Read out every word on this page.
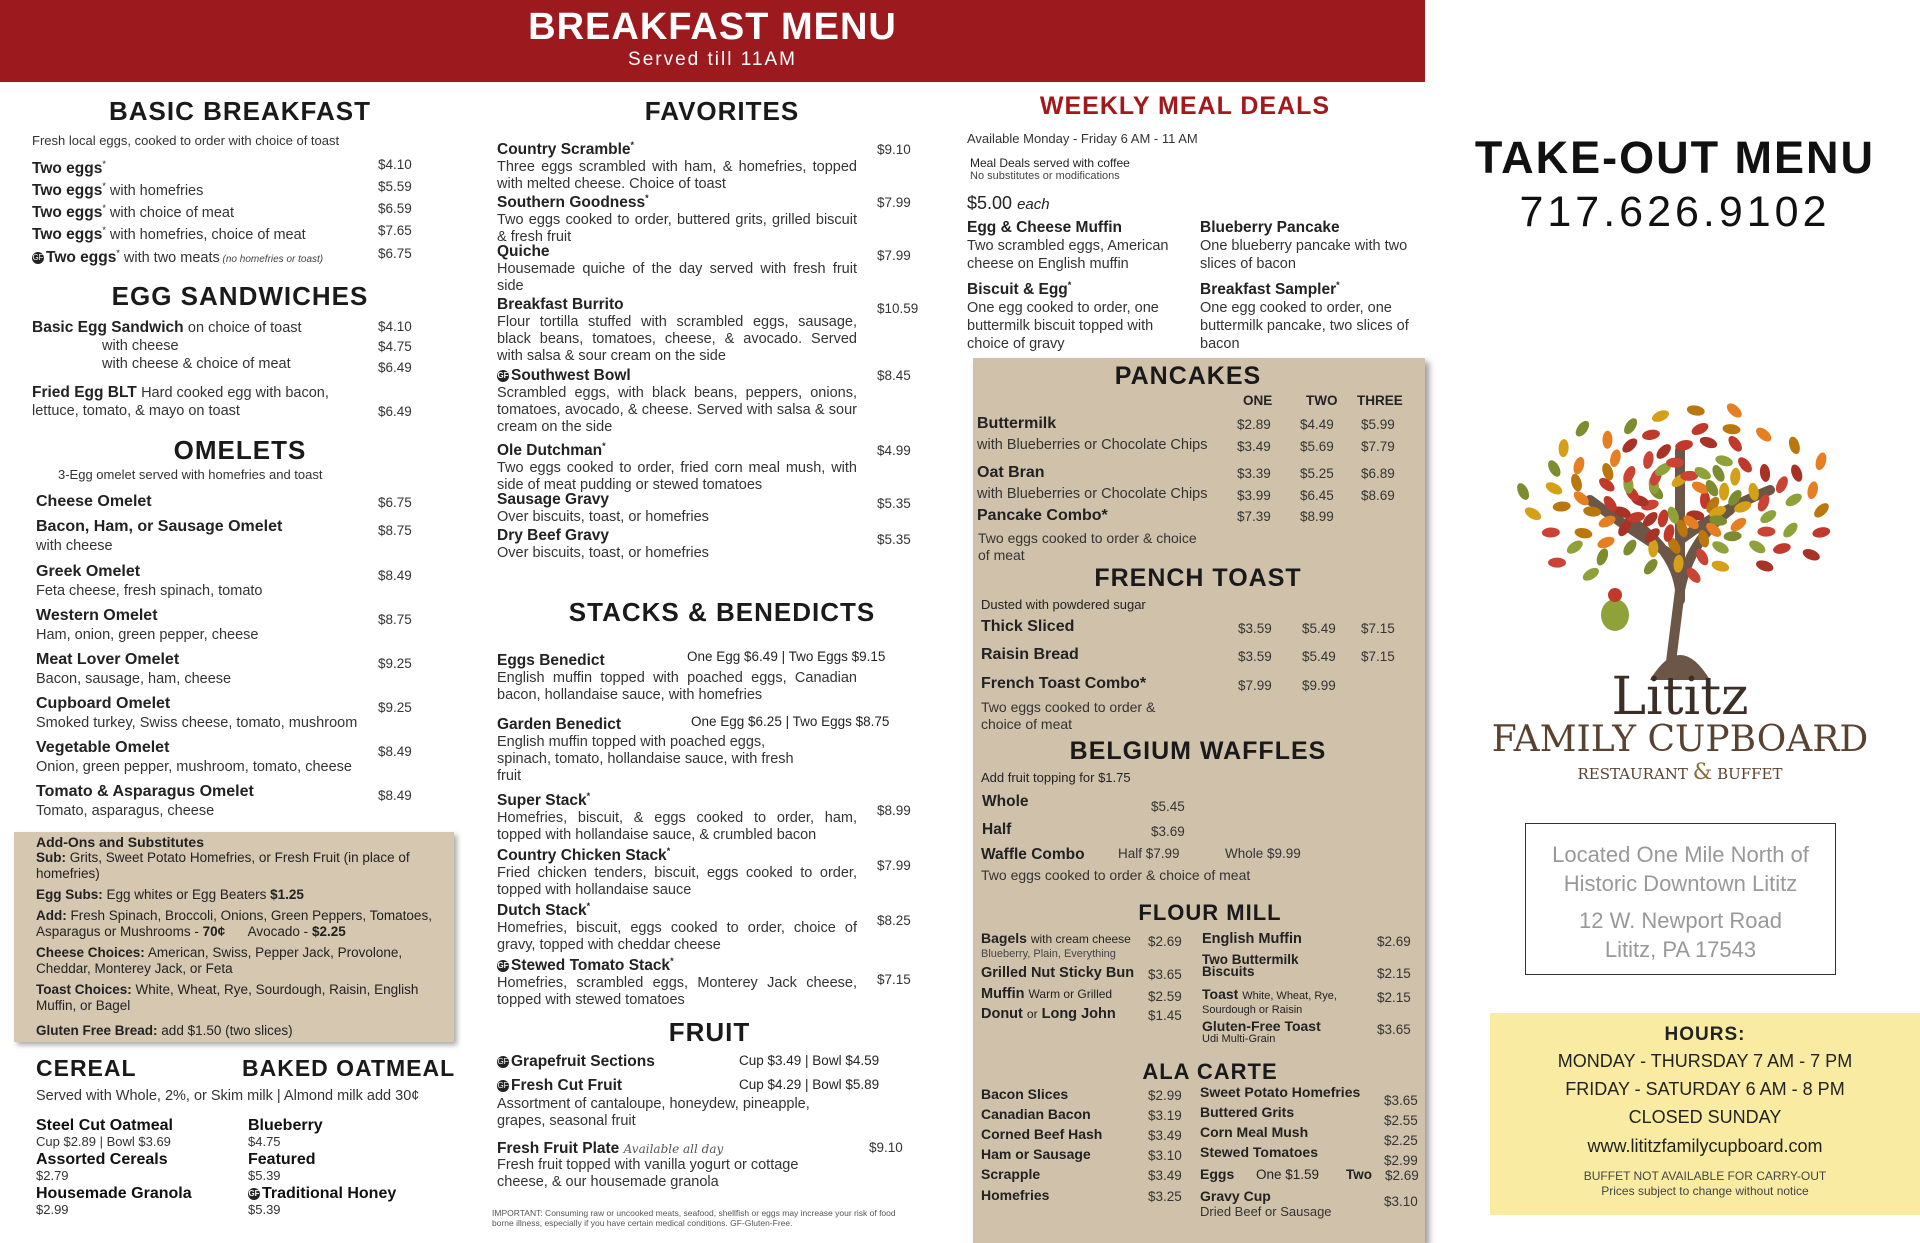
BREAKFAST MENU
Served till 11AM
BASIC BREAKFAST
Fresh local eggs, cooked to order with choice of toast
EGG SANDWICHES
Basic Egg Sandwich on choice of toast	$4.10
with cheese	$4.75
with cheese & choice of meat	$6.49
Fried Egg BLT Hard cooked egg with bacon,
lettuce, tomato, & mayo on toast	$6.49
OMELETS
3-Egg omelet served with homefries and toast
Add-Ons and Substitutes
Sub: Grits, Sweet Potato Homefries, or Fresh Fruit (in place of homefries)
Egg Subs: Egg whites or Egg Beaters $1.25
Add: Fresh Spinach, Broccoli, Onions, Green Peppers, Tomatoes, Asparagus or Mushrooms - 70¢ Avocado - $2.25
Cheese Choices: American, Swiss, Pepper Jack, Provolone, Cheddar, Monterey Jack, or Feta
Toast Choices: White, Wheat, Rye, Sourdough, Raisin, English Muffin, or Bagel
Gluten Free Bread: add $1.50 (two slices)
CEREAL	BAKED OATMEAL
Served with Whole, 2%, or Skim milk | Almond milk add 30¢
Steel Cut Oatmeal
Cup $2.89 | Bowl $3.69
Assorted Cereals
$2.79
Housemade Granola
$2.99
Blueberry
$4.75
Featured
$5.39
GF Traditional Honey
$5.39
FAVORITES
STACKS & BENEDICTS
Eggs Benedict
English muffin topped with poached eggs, Canadian bacon, hollandaise sauce, with homefries
One Egg $6.49 | Two Eggs $9.15
Garden Benedict
English muffin topped with poached eggs, spinach, tomato, hollandaise sauce, with fresh fruit
One Egg $6.25 | Two Eggs $8.75
FRUIT
GF Grapefruit Sections	Cup $3.49 | Bowl $4.59
GF Fresh Cut Fruit	Cup $4.29 | Bowl $5.89
Assortment of cantaloupe, honeydew, pineapple, grapes, seasonal fruit
Fresh Fruit Plate Available all day	$9.10
Fresh fruit topped with vanilla yogurt or cottage cheese, & our housemade granola
IMPORTANT: Consuming raw or uncooked meats, seafood, shellfish or eggs may increase your risk of food borne illness, especially if you have certain medical conditions. GF-Gluten-Free.
WEEKLY MEAL DEALS
Available Monday - Friday 6 AM - 11 AM
Meal Deals served with coffee
No substitutes or modifications
$5.00 each
PANCAKES
ONE	TWO THREE
Two eggs cooked to order & choice of meat
FRENCH TOAST
Dusted with powdered sugar
Two eggs cooked to order & choice of meat
BELGIUM WAFFLES
Add fruit topping for $1.75
Whole	$5.45
Half	$3.69
Waffle Combo Half $7.99	Whole $9.99
Two eggs cooked to order & choice of meat
FLOUR MILL
Bagels with cream cheese
Blueberry, Plain, Everything
$2.69
Grilled Nut Sticky Bun $3.65
Muffin Warm or Grilled	$2.59
Donut or Long John $1.45
English Muffin	$2.69
Two Buttermilk Biscuits	$2.15
Toast White, Wheat, Rye, Sourdough or Raisin
$2.15
Gluten-Free Toast
Udi Multi-Grain
$3.65
ALA CARTE
Eggs One $1.59 Two $2.69
Gravy Cup
Dried Beef or Sausage
$3.10
TAKE-OUT MENU
717.626.9102
Lititz
FAMILY CUPBOARD
RESTAURANT & BUFFET
Located One Mile North of
Historic Downtown Lititz
12 W. Newport Road
Lititz, PA 17543
HOURS:
MONDAY - THURSDAY 7 AM - 7 PM
FRIDAY - SATURDAY 6 AM - 8 PM
CLOSED SUNDAY
www.lititzfamilycupboard.com
BUFFET NOT AVAILABLE FOR CARRY-OUT
Prices subject to change without notice
Two eggs*	$4.10
Two eggs* with homefries	$5.59
Two eggs* with choice of meat	$6.59
Two eggs* with homefries, choice of meat	$7.65
GF Two eggs* with two meats (no homefries or toast)	$6.75
Cheese Omelet	$6.75
Bacon, Ham, or Sausage Omelet
with cheese
$8.75
Greek Omelet
Feta cheese, fresh spinach, tomato
$8.49
Western Omelet
Ham, onion, green pepper, cheese
$8.75
Meat Lover Omelet
Bacon, sausage, ham, cheese
$9.25
Cupboard Omelet
Smoked turkey, Swiss cheese, tomato, mushroom
$9.25
Vegetable Omelet
Onion, green pepper, mushroom, tomato, cheese
$8.49
Tomato & Asparagus Omelet
Tomato, asparagus, cheese
$8.49
Country Scramble*
Three eggs scrambled with ham, & homefries, topped with melted cheese. Choice of toast
$9.10
Southern Goodness*
Two eggs cooked to order, buttered grits, grilled biscuit & fresh fruit
$7.99
Quiche
Housemade quiche of the day served with fresh fruit side
$7.99
Breakfast Burrito
Flour tortilla stuffed with scrambled eggs, sausage, black beans, tomatoes, cheese, & avocado. Served with salsa & sour cream on the side
$10.59
GF Southwest Bowl
Scrambled eggs, with black beans, peppers, onions, tomatoes, avocado, & cheese. Served with salsa & sour cream on the side
$8.45
Ole Dutchman*
Two eggs cooked to order, fried corn meal mush, with side of meat pudding or stewed tomatoes
$4.99
Sausage Gravy
Over biscuits, toast, or homefries
$5.35
Dry Beef Gravy
Over biscuits, toast, or homefries
$5.35
Super Stack*
Homefries, biscuit, & eggs cooked to order, ham, topped with hollandaise sauce, & crumbled bacon
$8.99
Country Chicken Stack*
Fried chicken tenders, biscuit, eggs cooked to order, topped with hollandaise sauce
$7.99
Dutch Stack*
Homefries, biscuit, eggs cooked to order, choice of gravy, topped with cheddar cheese
$8.25
GF Stewed Tomato Stack*
Homefries, scrambled eggs, Monterey Jack cheese, topped with stewed tomatoes
$7.15
Egg & Cheese Muffin
Two scrambled eggs, American cheese on English muffin
Blueberry Pancake
One blueberry pancake with two slices of bacon
Biscuit & Egg*
One egg cooked to order, one buttermilk biscuit topped with choice of gravy
Breakfast Sampler*
One egg cooked to order, one buttermilk pancake, two slices of bacon
Buttermilk	$2.89 $4.49 $5.99
with Blueberries or Chocolate Chips $3.49 $5.69 $7.79
Oat Bran	$3.39 $5.25 $6.89
with Blueberries or Chocolate Chips $3.99 $6.45 $8.69
Pancake Combo*	$7.39 $8.99
Thick Sliced	$3.59 $5.49 $7.15
Raisin Bread	$3.59 $5.49 $7.15
French Toast Combo*	$7.99 $9.99
Bacon Slices	$2.99
Canadian Bacon	$3.19
Corned Beef Hash	$3.49
Ham or Sausage	$3.10
Scrapple	$3.49
Homefries	$3.25
Sweet Potato Homefries
$3.65
Buttered Grits
$2.55
Corn Meal Mush
$2.25
Stewed Tomatoes
$2.99
